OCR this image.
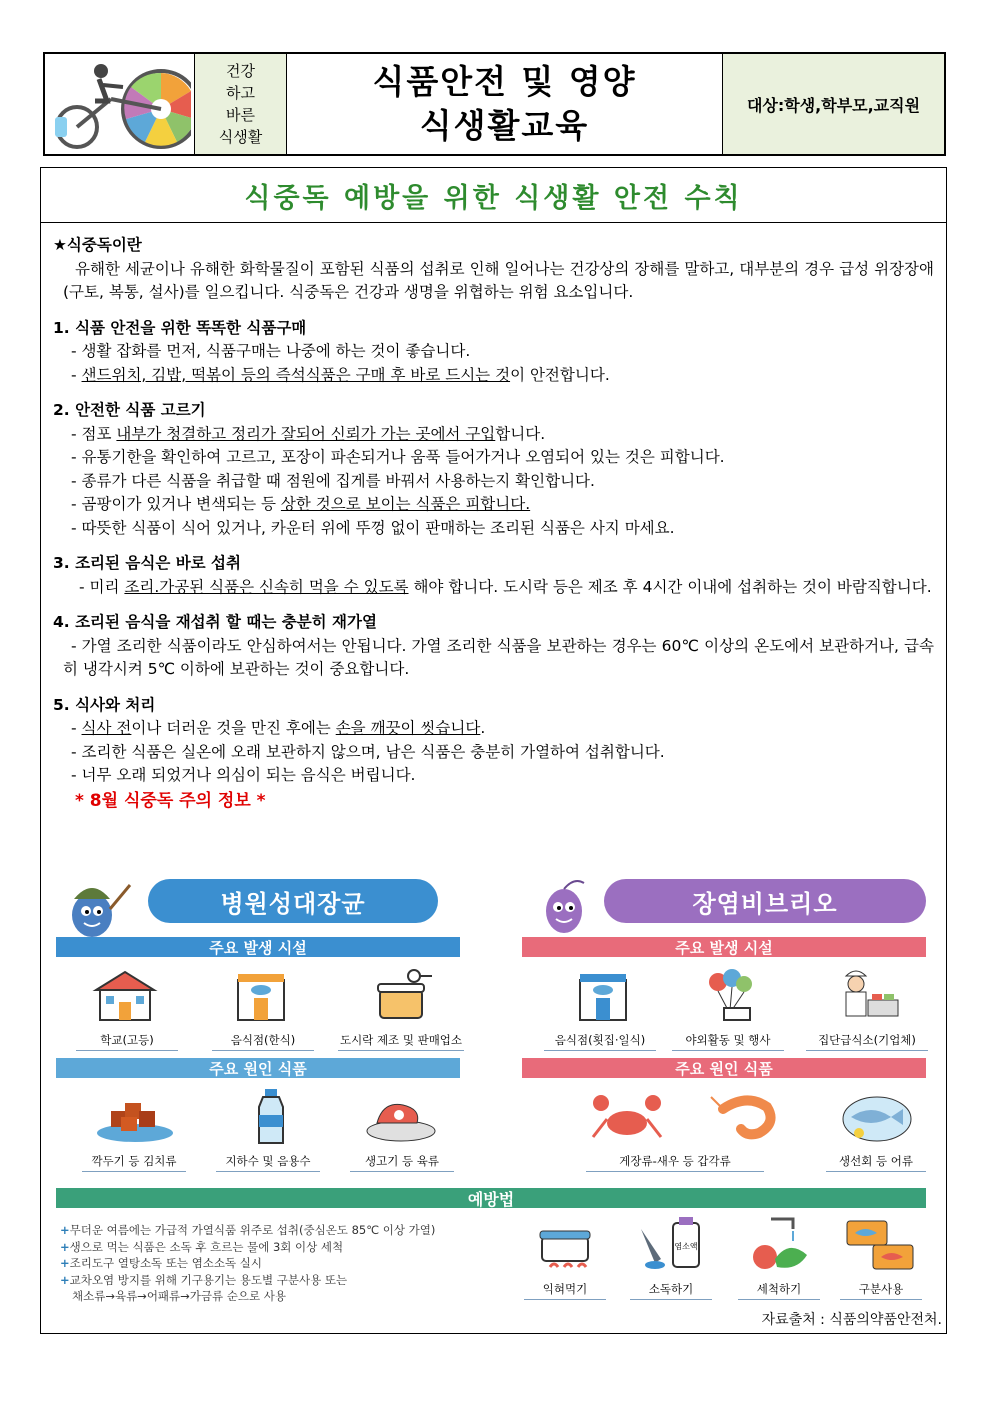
건강
하고
바른
식생활
식품안전 및 영양
식생활교육
대상:학생,학부모,교직원
식중독 예방을 위한 식생활 안전 수칙

★식중독이란

유해한 세균이나 유해한 화학물질이 포함된 식품의 섭취로 인해 일어나는 건강상의 장해를 말하고, 대부분의 경우 급성 위장장애(구토, 복통, 설사)를 일으킵니다. 식중독은 건강과 생명을 위협하는 위험 요소입니다.

1. 식품 안전을 위한 똑똑한 식품구매

- 생활 잡화를 먼저, 식품구매는 나중에 하는 것이 좋습니다.

- 샌드위치, 김밥, 떡볶이 등의 즉석식품은 구매 후 바로 드시는 것이 안전합니다.

2. 안전한 식품 고르기

- 점포 내부가 청결하고 정리가 잘되어 신뢰가 가는 곳에서 구입합니다.

- 유통기한을 확인하여 고르고, 포장이 파손되거나 움푹 들어가거나 오염되어 있는 것은 피합니다.

- 종류가 다른 식품을 취급할 때 점원에 집게를 바꿔서 사용하는지 확인합니다.

- 곰팡이가 있거나 변색되는 등 상한 것으로 보이는 식품은 피합니다.

- 따뜻한 식품이 식어 있거나, 카운터 위에 뚜껑 없이 판매하는 조리된 식품은 사지 마세요.

3. 조리된 음식은 바로 섭취

- 미리 조리.가공된 식품은 신속히 먹을 수 있도록 해야 합니다. 도시락 등은 제조 후 4시간 이내에 섭취하는 것이 바람직합니다.

4. 조리된 음식을 재섭취 할 때는 충분히 재가열

- 가열 조리한 식품이라도 안심하여서는 안됩니다. 가열 조리한 식품을 보관하는 경우는 60℃ 이상의 온도에서 보관하거나, 급속히 냉각시켜 5℃ 이하에 보관하는 것이 중요합니다.

5. 식사와 처리

- 식사 전이나 더러운 것을 만진 후에는 손을 깨끗이 씻습니다.

- 조리한 식품은 실온에 오래 보관하지 않으며, 남은 식품은 충분히 가열하여 섭취합니다.

- 너무 오래 되었거나 의심이 되는 음식은 버립니다.

* 8월 식중독 주의 정보 *

병원성대장균	장염비브리오
주요 발생 시설	주요 발생 시설
학교(고등)	음식점(한식)	도시락 제조 및 판매업소	음식점(횟집·일식)	야외활동 및 행사	집단급식소(기업체)
주요 원인 식품	주요 원인 식품
깍두기 등 김치류	지하수 및 음용수	생고기 등 육류	게장류-새우 등 갑각류	생선회 등 어류
예방법

+무더운 여름에는 가급적 가열식품 위주로 섭취(중심온도 85℃ 이상 가열)

+생으로 먹는 식품은 소독 후 흐르는 물에 3회 이상 세척

+조리도구 열탕소독 또는 염소소독 실시

+교차오염 방지를 위해 기구용기는 용도별 구분사용 또는

채소류→육류→어패류→가금류 순으로 사용

염소액
익혀먹기	소독하기	세척하기	구분사용
자료출처 : 식품의약품안전처.
